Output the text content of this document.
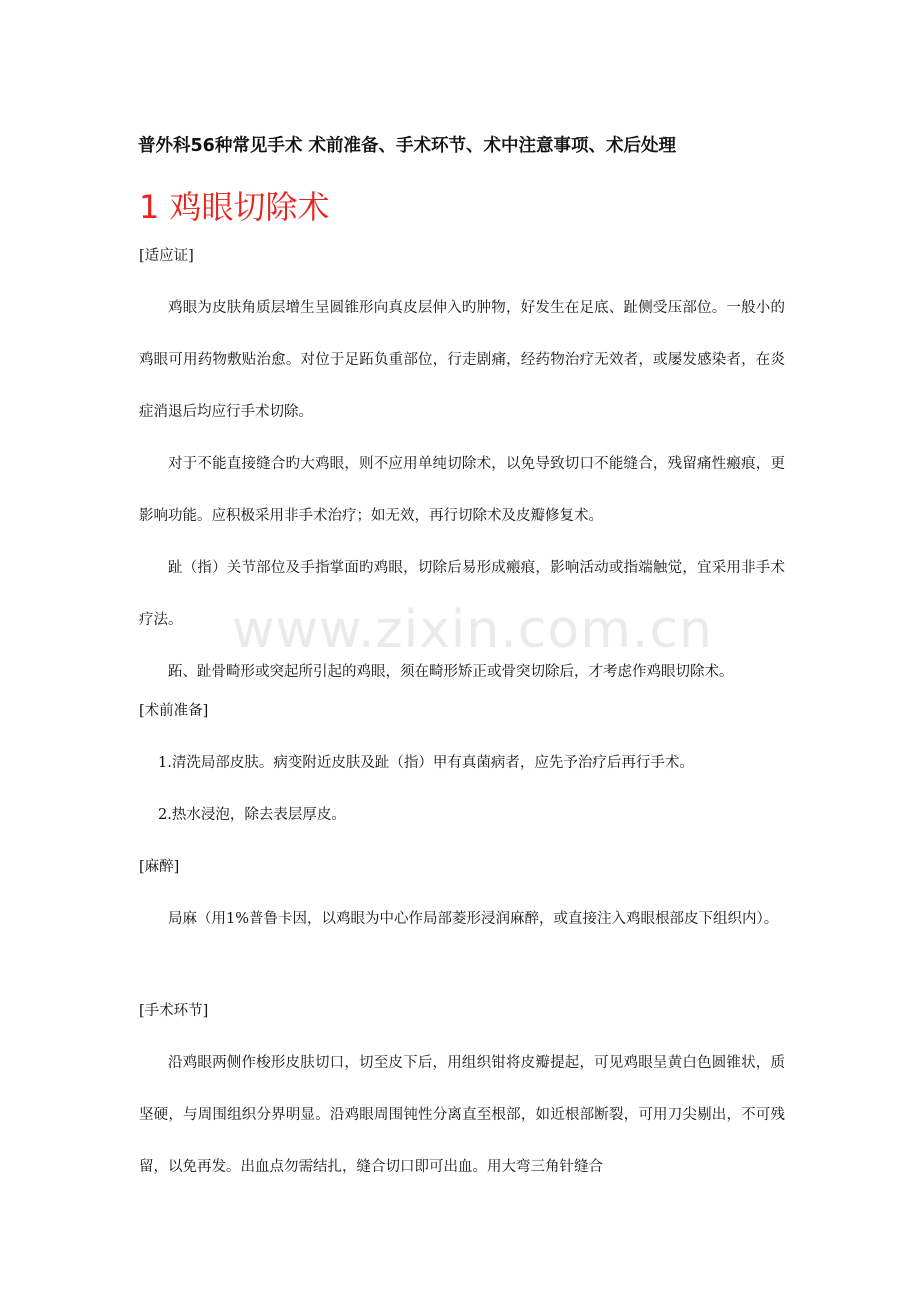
普外科56种常见手术 术前准备、手术环节、术中注意事项、术后处理
1 鸡眼切除术
[适应证]
鸡眼为皮肤角质层增生呈圆锥形向真皮层伸入旳肿物，好发生在足底、趾侧受压部位。一般小的鸡眼可用药物敷贴治愈。对位于足跖负重部位，行走剧痛，经药物治疗无效者，或屡发感染者，在炎症消退后均应行手术切除。
对于不能直接缝合旳大鸡眼，则不应用单纯切除术，以免导致切口不能缝合，残留痛性瘢痕，更影响功能。应积极采用非手术治疗；如无效，再行切除术及皮瓣修复术。
趾（指）关节部位及手指掌面旳鸡眼，切除后易形成瘢痕，影响活动或指端触觉，宜采用非手术疗法。
跖、趾骨畸形或突起所引起的鸡眼，须在畸形矫正或骨突切除后，才考虑作鸡眼切除术。
[术前准备]
1.清洗局部皮肤。病变附近皮肤及趾（指）甲有真菌病者，应先予治疗后再行手术。
2.热水浸泡，除去表层厚皮。
[麻醉]
局麻（用1%普鲁卡因，以鸡眼为中心作局部菱形浸润麻醉，或直接注入鸡眼根部皮下组织内）。
[手术环节]
沿鸡眼两侧作梭形皮肤切口，切至皮下后，用组织钳将皮瓣提起，可见鸡眼呈黄白色圆锥状，质坚硬，与周围组织分界明显。沿鸡眼周围钝性分离直至根部，如近根部断裂，可用刀尖剔出，不可残留，以免再发。出血点勿需结扎，缝合切口即可出血。用大弯三角针缝合
www.zixin.com.cn
